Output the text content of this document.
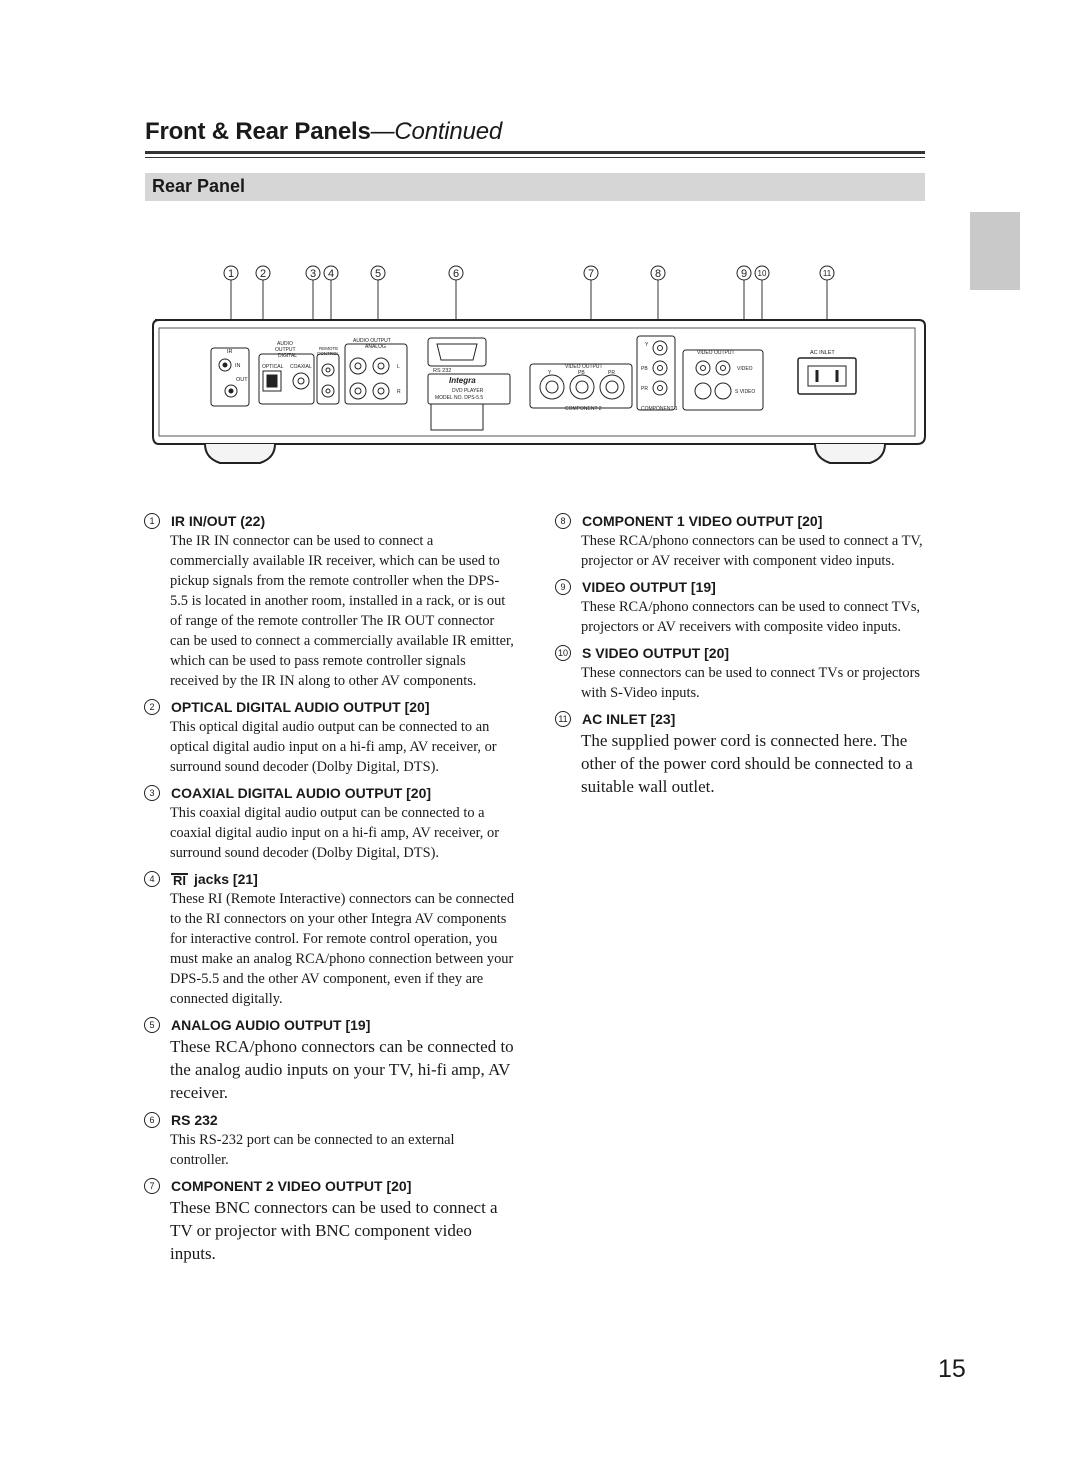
Front & Rear Panels—Continued
Rear Panel
1 2	3 4	5	6	7	8	9 10	11
IR
IN
OUT
AUDIO
OUTPUT
DIGITAL
OPTICAL COAXIAL
REMOTE
CONTROL
AUDIO OUTPUT
ANALOG
L
R
RS 232
Integra
DVD PLAYER
MODEL NO. DPS-5.5
VIDEO OUTPUT
Y	PB	PR
COMPONENT 2
Y
PB
PR
COMPONENT 1
VIDEO OUTPUT
VIDEO
S VIDEO
AC INLET
1	IR IN/OUT (22)
The IR IN connector can be used to connect a commercially available IR receiver, which can be used to pickup signals from the remote controller when the DPS-5.5 is located in another room, installed in a rack, or is out of range of the remote controller The IR OUT connector can be used to connect a commercially available IR emitter, which can be used to pass remote controller signals received by the IR IN along to other AV components.
2	OPTICAL DIGITAL AUDIO OUTPUT [20]
This optical digital audio output can be connected to an optical digital audio input on a hi-fi amp, AV receiver, or surround sound decoder (Dolby Digital, DTS).
3	COAXIAL DIGITAL AUDIO OUTPUT [20]
This coaxial digital audio output can be connected to a coaxial digital audio input on a hi-fi amp, AV receiver, or surround sound decoder (Dolby Digital, DTS).
4	RI jacks [21]
These RI (Remote Interactive) connectors can be connected to the RI connectors on your other Integra AV components for interactive control. For remote control operation, you must make an analog RCA/phono connection between your DPS-5.5 and the other AV component, even if they are connected digitally.
5	ANALOG AUDIO OUTPUT [19]
These RCA/phono connectors can be connected to the analog audio inputs on your TV, hi-fi amp, AV receiver.
6	RS 232
This RS-232 port can be connected to an external controller.
7	COMPONENT 2 VIDEO OUTPUT [20]
These BNC connectors can be used to connect a TV or projector with BNC component video inputs.
8	COMPONENT 1 VIDEO OUTPUT [20]
These RCA/phono connectors can be used to connect a TV, projector or AV receiver with component video inputs.
9	VIDEO OUTPUT [19]
These RCA/phono connectors can be used to connect TVs, projectors or AV receivers with composite video inputs.
10 S VIDEO OUTPUT [20]
These connectors can be used to connect TVs or projectors with S-Video inputs.
11 AC INLET [23]
The supplied power cord is connected here. The other of the power cord should be connected to a suitable wall outlet.
15
